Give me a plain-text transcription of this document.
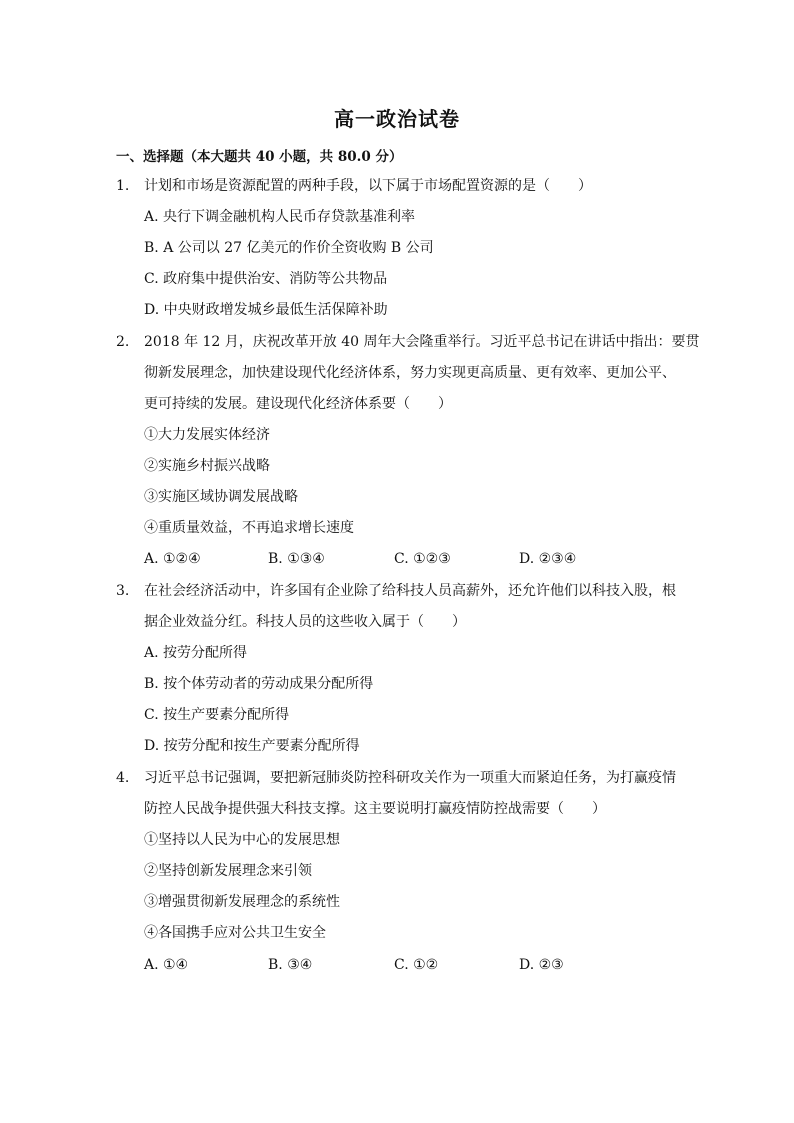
高一政治试卷
一、选择题（本大题共 40 小题，共 80.0 分）
1. 计划和市场是资源配置的两种手段，以下属于市场配置资源的是（　　）
A. 央行下调金融机构人民币存贷款基准利率
B. A 公司以 27 亿美元的作价全资收购 B 公司
C. 政府集中提供治安、消防等公共物品
D. 中央财政增发城乡最低生活保障补助
2. 2018 年 12 月，庆祝改革开放 40 周年大会隆重举行。习近平总书记在讲话中指出：要贯
彻新发展理念，加快建设现代化经济体系，努力实现更高质量、更有效率、更加公平、
更可持续的发展。建设现代化经济体系要（　　）
①大力发展实体经济
②实施乡村振兴战略
③实施区域协调发展战略
④重质量效益，不再追求增长速度
A. ①②④	B. ①③④	C. ①②③	D. ②③④
3. 在社会经济活动中，许多国有企业除了给科技人员高薪外，还允许他们以科技入股，根
据企业效益分红。科技人员的这些收入属于（　　）
A. 按劳分配所得
B. 按个体劳动者的劳动成果分配所得
C. 按生产要素分配所得
D. 按劳分配和按生产要素分配所得
4. 习近平总书记强调，要把新冠肺炎防控科研攻关作为一项重大而紧迫任务，为打赢疫情
防控人民战争提供强大科技支撑。这主要说明打赢疫情防控战需要（　　）
①坚持以人民为中心的发展思想
②坚持创新发展理念来引领
③增强贯彻新发展理念的系统性
④各国携手应对公共卫生安全
A. ①④	B. ③④	C. ①②	D. ②③
